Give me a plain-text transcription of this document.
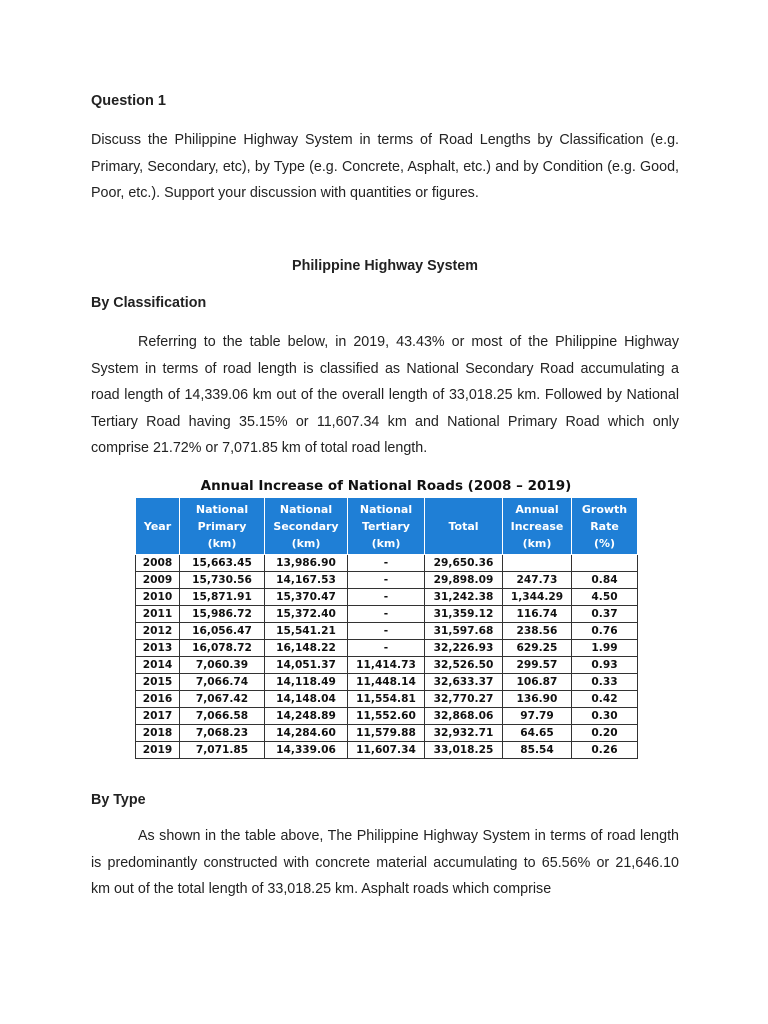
Question 1

Discuss the Philippine Highway System in terms of Road Lengths by Classification (e.g. Primary, Secondary, etc), by Type (e.g. Concrete, Asphalt, etc.) and by Condition (e.g. Good, Poor, etc.). Support your discussion with quantities or figures.

Philippine Highway System
By Classification

Referring to the table below, in 2019, 43.43% or most of the Philippine Highway System in terms of road length is classified as National Secondary Road accumulating a road length of 14,339.06 km out of the overall length of 33,018.25 km. Followed by National Tertiary Road having 35.15% or 11,607.34 km and National Primary Road which only comprise 21.72% or 7,071.85 km of total road length.

By Type

As shown in the table above, The Philippine Highway System in terms of road length is predominantly constructed with concrete material accumulating to 65.56% or 21,646.10 km out of the total length of 33,018.25 km. Asphalt roads which comprise

Annual Increase of National Roads (2008 – 2019)
Year	National
Primary
(km)	National
Secondary
(km)	National
Tertiary
(km)	Total	Annual
Increase
(km)	Growth
Rate
(%)
2008	15,663.45	13,986.90	-	29,650.36		
2009	15,730.56	14,167.53	-	29,898.09	247.73	0.84
2010	15,871.91	15,370.47	-	31,242.38	1,344.29	4.50
2011	15,986.72	15,372.40	-	31,359.12	116.74	0.37
2012	16,056.47	15,541.21	-	31,597.68	238.56	0.76
2013	16,078.72	16,148.22	-	32,226.93	629.25	1.99
2014	7,060.39	14,051.37	11,414.73	32,526.50	299.57	0.93
2015	7,066.74	14,118.49	11,448.14	32,633.37	106.87	0.33
2016	7,067.42	14,148.04	11,554.81	32,770.27	136.90	0.42
2017	7,066.58	14,248.89	11,552.60	32,868.06	97.79	0.30
2018	7,068.23	14,284.60	11,579.88	32,932.71	64.65	0.20
2019	7,071.85	14,339.06	11,607.34	33,018.25	85.54	0.26
